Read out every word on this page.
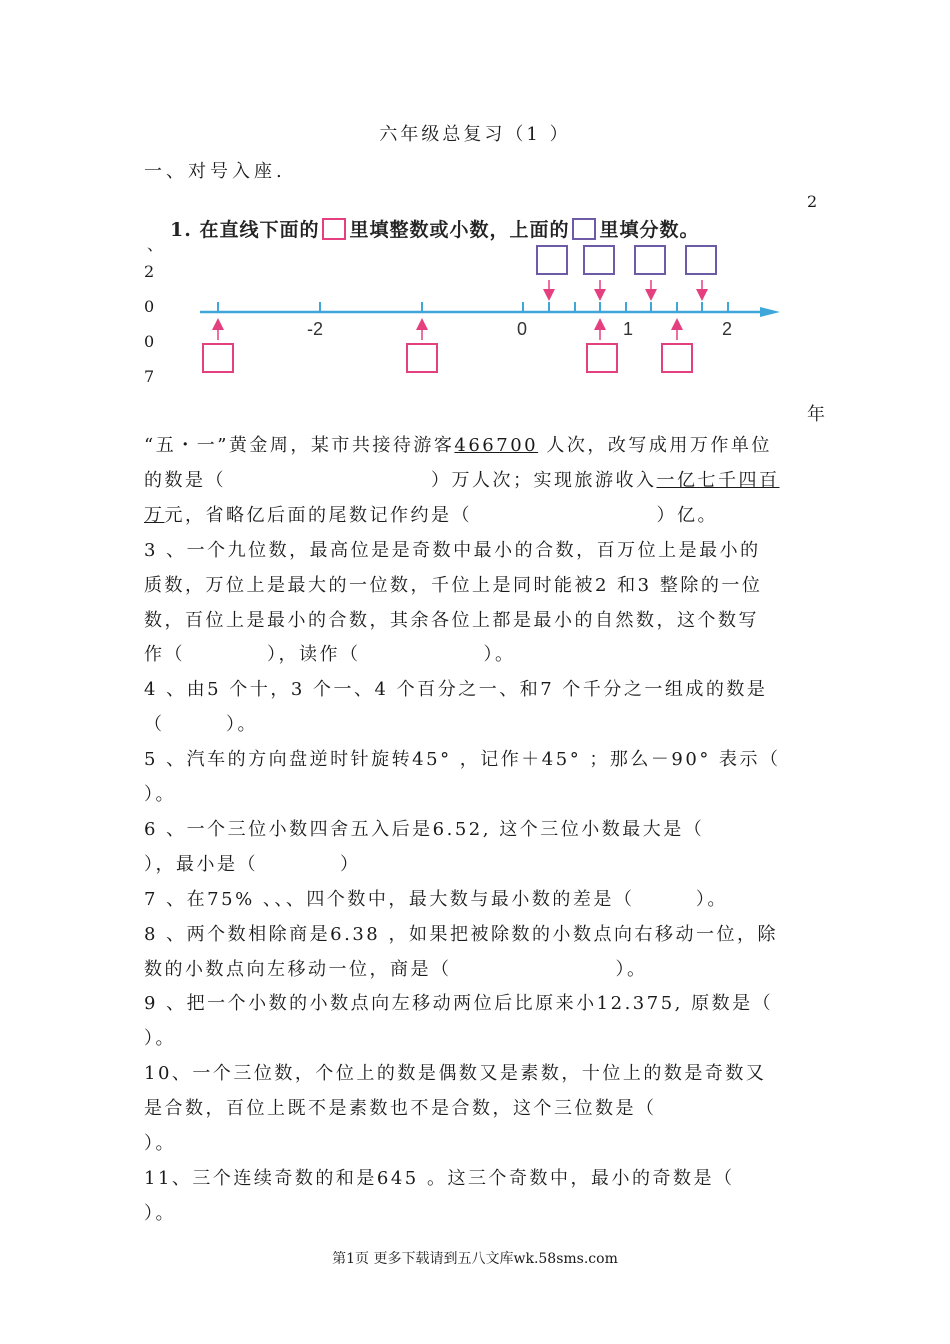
六年级总复习（1 ）
一、对号入座.
、
2
2
0
0
7
年
1. 在直线下面的 里填整数或小数，上面的 里填分数。
-2	0	1	2
“五・一”黄金周，某市共接待游客466700 人次，改写成用万作单位
的数是（　　　　　　　　　　）万人次；实现旅游收入一亿七千四百
万元，省略亿后面的尾数记作约是（　　　　　　　　　）亿。
3 、一个九位数，最高位是是奇数中最小的合数，百万位上是最小的
质数，万位上是最大的一位数，千位上是同时能被2 和3 整除的一位
数，百位上是最小的合数，其余各位上都是最小的自然数，这个数写
作（　　　　），读作（　　　　　　）。
4 、由5 个十，3 个一、4 个百分之一、和7 个千分之一组成的数是
（　　　）。
5 、汽车的方向盘逆时针旋转45° ，记作＋45° ；那么－90° 表示（
）。
6 、一个三位小数四舍五入后是6.52, 这个三位小数最大是（
），最小是（　　　　）
7 、在75% 、、、四个数中，最大数与最小数的差是（　　　）。
8 、两个数相除商是6.38 ，如果把被除数的小数点向右移动一位，除
数的小数点向左移动一位，商是（　　　　　　　　）。
9 、把一个小数的小数点向左移动两位后比原来小12.375, 原数是（
）。
10、一个三位数，个位上的数是偶数又是素数，十位上的数是奇数又
是合数，百位上既不是素数也不是合数，这个三位数是（
）。
11、三个连续奇数的和是645 。这三个奇数中，最小的奇数是（
）。
第1页 更多下载请到五八文库wk.58sms.com
